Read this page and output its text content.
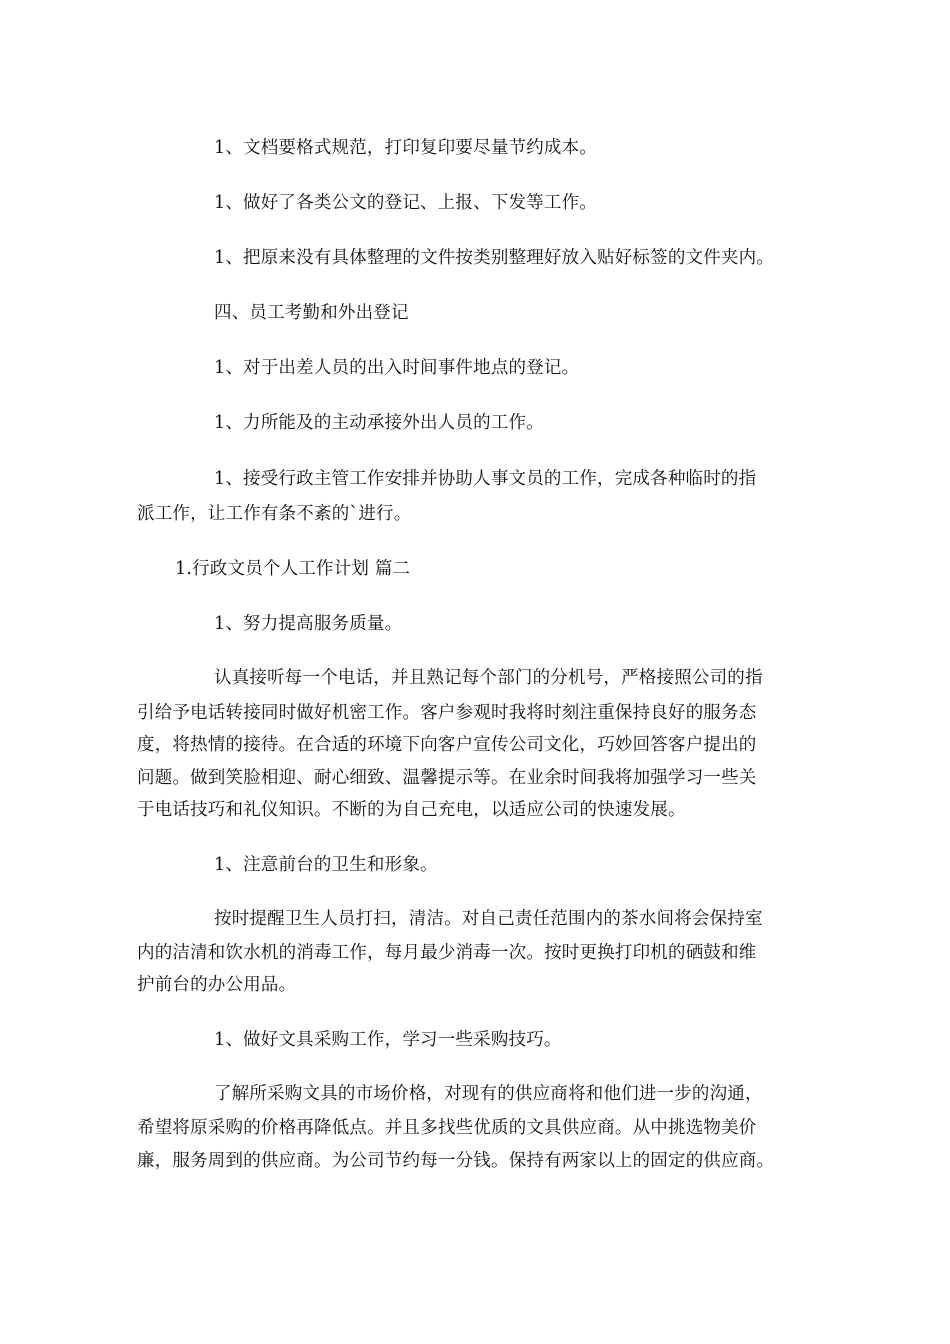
1、文档要格式规范，打印复印要尽量节约成本。
1、做好了各类公文的登记、上报、下发等工作。
1、把原来没有具体整理的文件按类别整理好放入贴好标签的文件夹内。
四、员工考勤和外出登记
1、对于出差人员的出入时间事件地点的登记。
1、力所能及的主动承接外出人员的工作。
1、接受行政主管工作安排并协助人事文员的工作，完成各种临时的指
派工作，让工作有条不紊的`进行。
1.行政文员个人工作计划 篇二
1、努力提高服务质量。
认真接听每一个电话，并且熟记每个部门的分机号，严格接照公司的指
引给予电话转接同时做好机密工作。客户参观时我将时刻注重保持良好的服务态
度，将热情的接待。在合适的环境下向客户宣传公司文化，巧妙回答客户提出的
问题。做到笑脸相迎、耐心细致、温馨提示等。在业余时间我将加强学习一些关
于电话技巧和礼仪知识。不断的为自己充电，以适应公司的快速发展。
1、注意前台的卫生和形象。
按时提醒卫生人员打扫，清洁。对自己责任范围内的茶水间将会保持室
内的洁清和饮水机的消毒工作，每月最少消毒一次。按时更换打印机的硒鼓和维
护前台的办公用品。
1、做好文具采购工作，学习一些采购技巧。
了解所采购文具的市场价格，对现有的供应商将和他们进一步的沟通，
希望将原采购的价格再降低点。并且多找些优质的文具供应商。从中挑选物美价
廉，服务周到的供应商。为公司节约每一分钱。保持有两家以上的固定的供应商。
